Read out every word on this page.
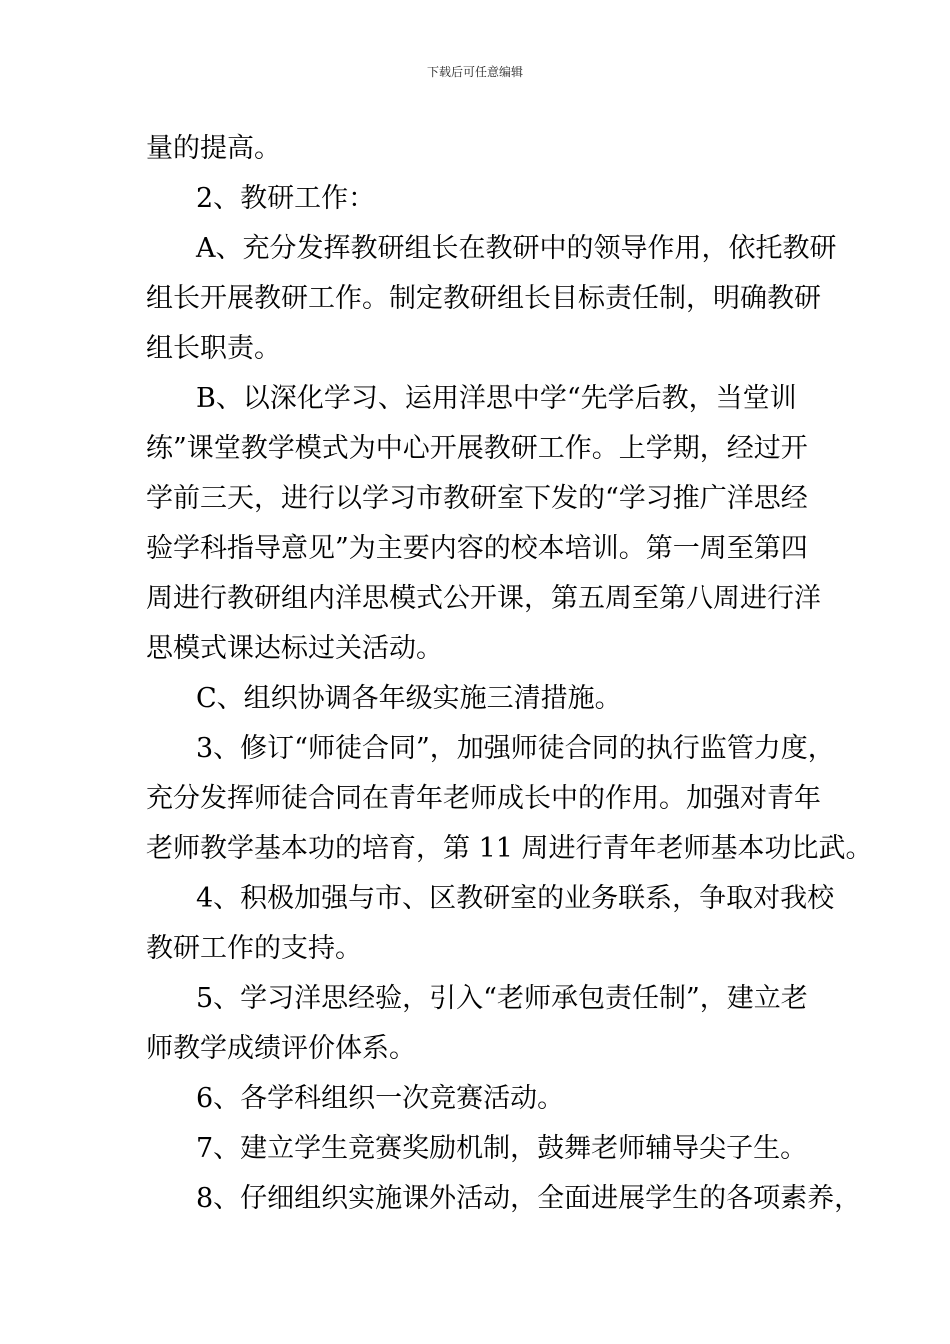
下载后可任意编辑
量的提高。
2、教研工作：
A、充分发挥教研组长在教研中的领导作用，依托教研
组长开展教研工作。制定教研组长目标责任制，明确教研
组长职责。
B、以深化学习、运用洋思中学“先学后教，当堂训
练”课堂教学模式为中心开展教研工作。上学期，经过开
学前三天，进行以学习市教研室下发的“学习推广洋思经
验学科指导意见”为主要内容的校本培训。第一周至第四
周进行教研组内洋思模式公开课，第五周至第八周进行洋
思模式课达标过关活动。
C、组织协调各年级实施三清措施。
3、修订“师徒合同”，加强师徒合同的执行监管力度，
充分发挥师徒合同在青年老师成长中的作用。加强对青年
老师教学基本功的培育，第 11 周进行青年老师基本功比武。
4、积极加强与市、区教研室的业务联系，争取对我校
教研工作的支持。
5、学习洋思经验，引入“老师承包责任制”，建立老
师教学成绩评价体系。
6、各学科组织一次竞赛活动。
7、建立学生竞赛奖励机制，鼓舞老师辅导尖子生。
8、仔细组织实施课外活动，全面进展学生的各项素养，
